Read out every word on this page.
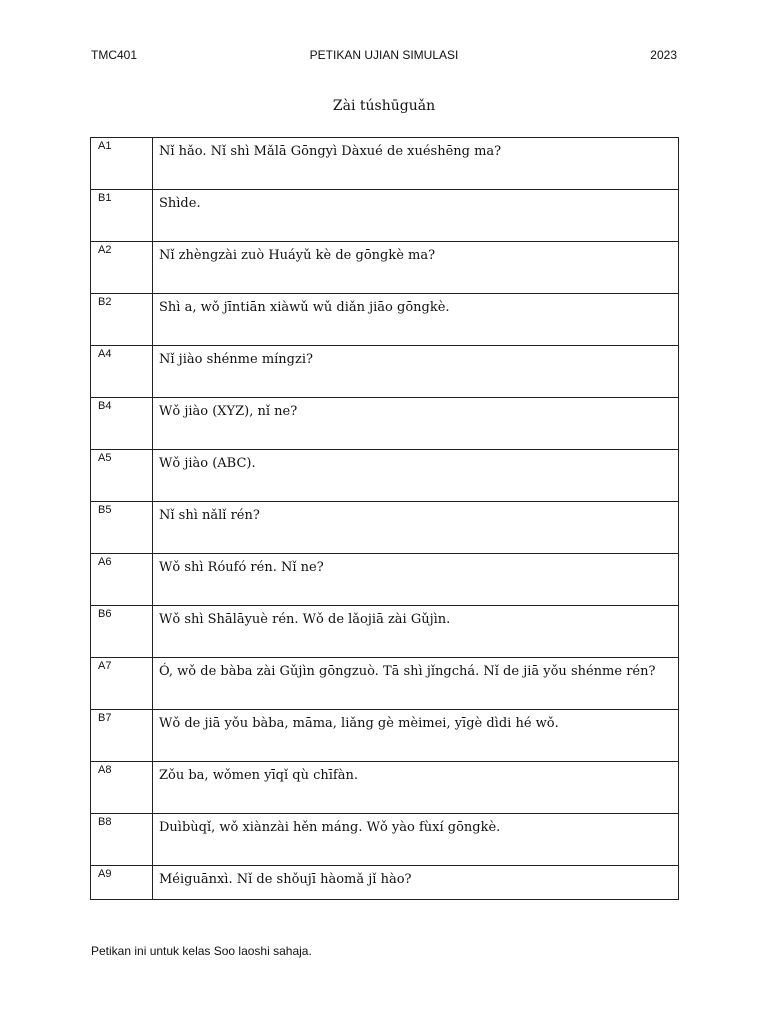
TMC401	PETIKAN UJIAN SIMULASI	2023
Zài túshūguǎn
A1	Nǐ hǎo. Nǐ shì Mǎlā Gōngyì Dàxué de xuéshēng ma?
B1	Shìde.
A2	Nǐ zhèngzài zuò Huáyǔ kè de gōngkè ma?
B2	Shì a, wǒ jīntiān xiàwǔ wǔ diǎn jiāo gōngkè.
A4	Nǐ jiào shénme míngzi?
B4	Wǒ jiào (XYZ), nǐ ne?
A5	Wǒ jiào (ABC).
B5	Nǐ shì nǎlǐ rén?
A6	Wǒ shì Róufó rén. Nǐ ne?
B6	Wǒ shì Shālāyuè rén. Wǒ de lǎojiā zài Gǔjìn.
A7	Ó, wǒ de bàba zài Gǔjìn gōngzuò. Tā shì jǐngchá. Nǐ de jiā yǒu shénme rén?
B7	Wǒ de jiā yǒu bàba, māma, liǎng gè mèimei, yīgè dìdi hé wǒ.
A8	Zǒu ba, wǒmen yīqǐ qù chīfàn.
B8	Duìbùqǐ, wǒ xiànzài hěn máng. Wǒ yào fùxí gōngkè.
A9	Méiguānxì. Nǐ de shǒujī hàomǎ jǐ hào?
Petikan ini untuk kelas Soo laoshi sahaja.
